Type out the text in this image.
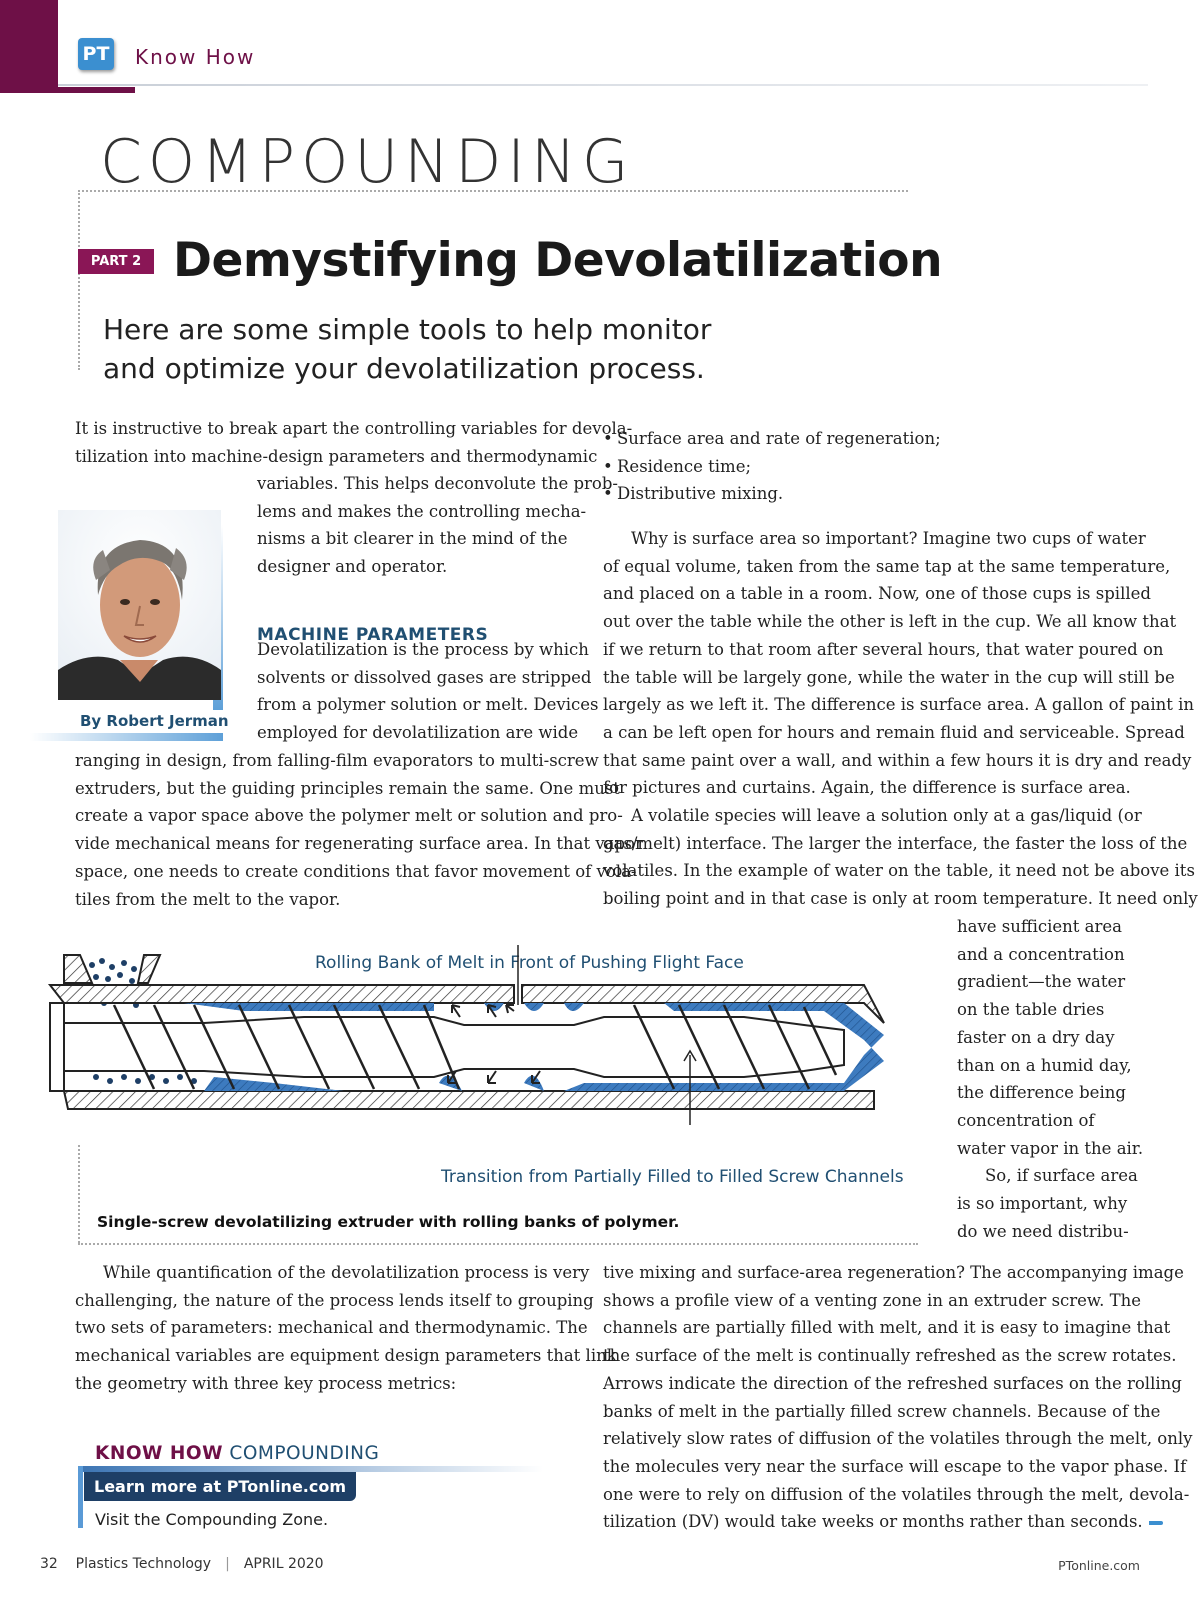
PT Know How
COMPOUNDING
PART 2 Demystifying Devolatilization
Here are some simple tools to help monitor
and optimize your devolatilization process.
It is instructive to break apart the controlling variables for devola-
tilization into machine-design parameters and thermodynamic
variables. This helps deconvolute the prob-
lems and makes the controlling mecha-
nisms a bit clearer in the mind of the
designer and operator.
By Robert Jerman
MACHINE PARAMETERS
Devolatilization is the process by which
solvents or dissolved gases are stripped
from a polymer solution or melt. Devices
employed for devolatilization are wide
ranging in design, from falling-film evaporators to multi-screw
extruders, but the guiding principles remain the same. One must
create a vapor space above the polymer melt or solution and pro-
vide mechanical means for regenerating surface area. In that vapor
space, one needs to create conditions that favor movement of vola-
tiles from the melt to the vapor.
• Surface area and rate of regeneration;
• Residence time;
• Distributive mixing.
Why is surface area so important? Imagine two cups of water
of equal volume, taken from the same tap at the same temperature,
and placed on a table in a room. Now, one of those cups is spilled
out over the table while the other is left in the cup. We all know that
if we return to that room after several hours, that water poured on
the table will be largely gone, while the water in the cup will still be
largely as we left it. The difference is surface area. A gallon of paint in
a can be left open for hours and remain fluid and serviceable. Spread
that same paint over a wall, and within a few hours it is dry and ready
for pictures and curtains. Again, the difference is surface area.
A volatile species will leave a solution only at a gas/liquid (or
gas/melt) interface. The larger the interface, the faster the loss of the
volatiles. In the example of water on the table, it need not be above its
boiling point and in that case is only at room temperature. It need only
have sufficient area
and a concentration
gradient—the water
on the table dries
faster on a dry day
than on a humid day,
the difference being
concentration of
water vapor in the air.
So, if surface area
is so important, why
do we need distribu-
Rolling Bank of Melt in Front of Pushing Flight Face
Transition from Partially Filled to Filled Screw Channels
Single-screw devolatilizing extruder with rolling banks of polymer.
While quantification of the devolatilization process is very
challenging, the nature of the process lends itself to grouping
two sets of parameters: mechanical and thermodynamic. The
mechanical variables are equipment design parameters that link
the geometry with three key process metrics:
tive mixing and surface-area regeneration? The accompanying image
shows a profile view of a venting zone in an extruder screw. The
channels are partially filled with melt, and it is easy to imagine that
the surface of the melt is continually refreshed as the screw rotates.
Arrows indicate the direction of the refreshed surfaces on the rolling
banks of melt in the partially filled screw channels. Because of the
relatively slow rates of diffusion of the volatiles through the melt, only
the molecules very near the surface will escape to the vapor phase. If
one were to rely on diffusion of the volatiles through the melt, devola-
tilization (DV) would take weeks or months rather than seconds.
KNOW HOW COMPOUNDING
Learn more at PTonline.com
Visit the Compounding Zone.
32 Plastics Technology | APRIL 2020	PTonline.com
